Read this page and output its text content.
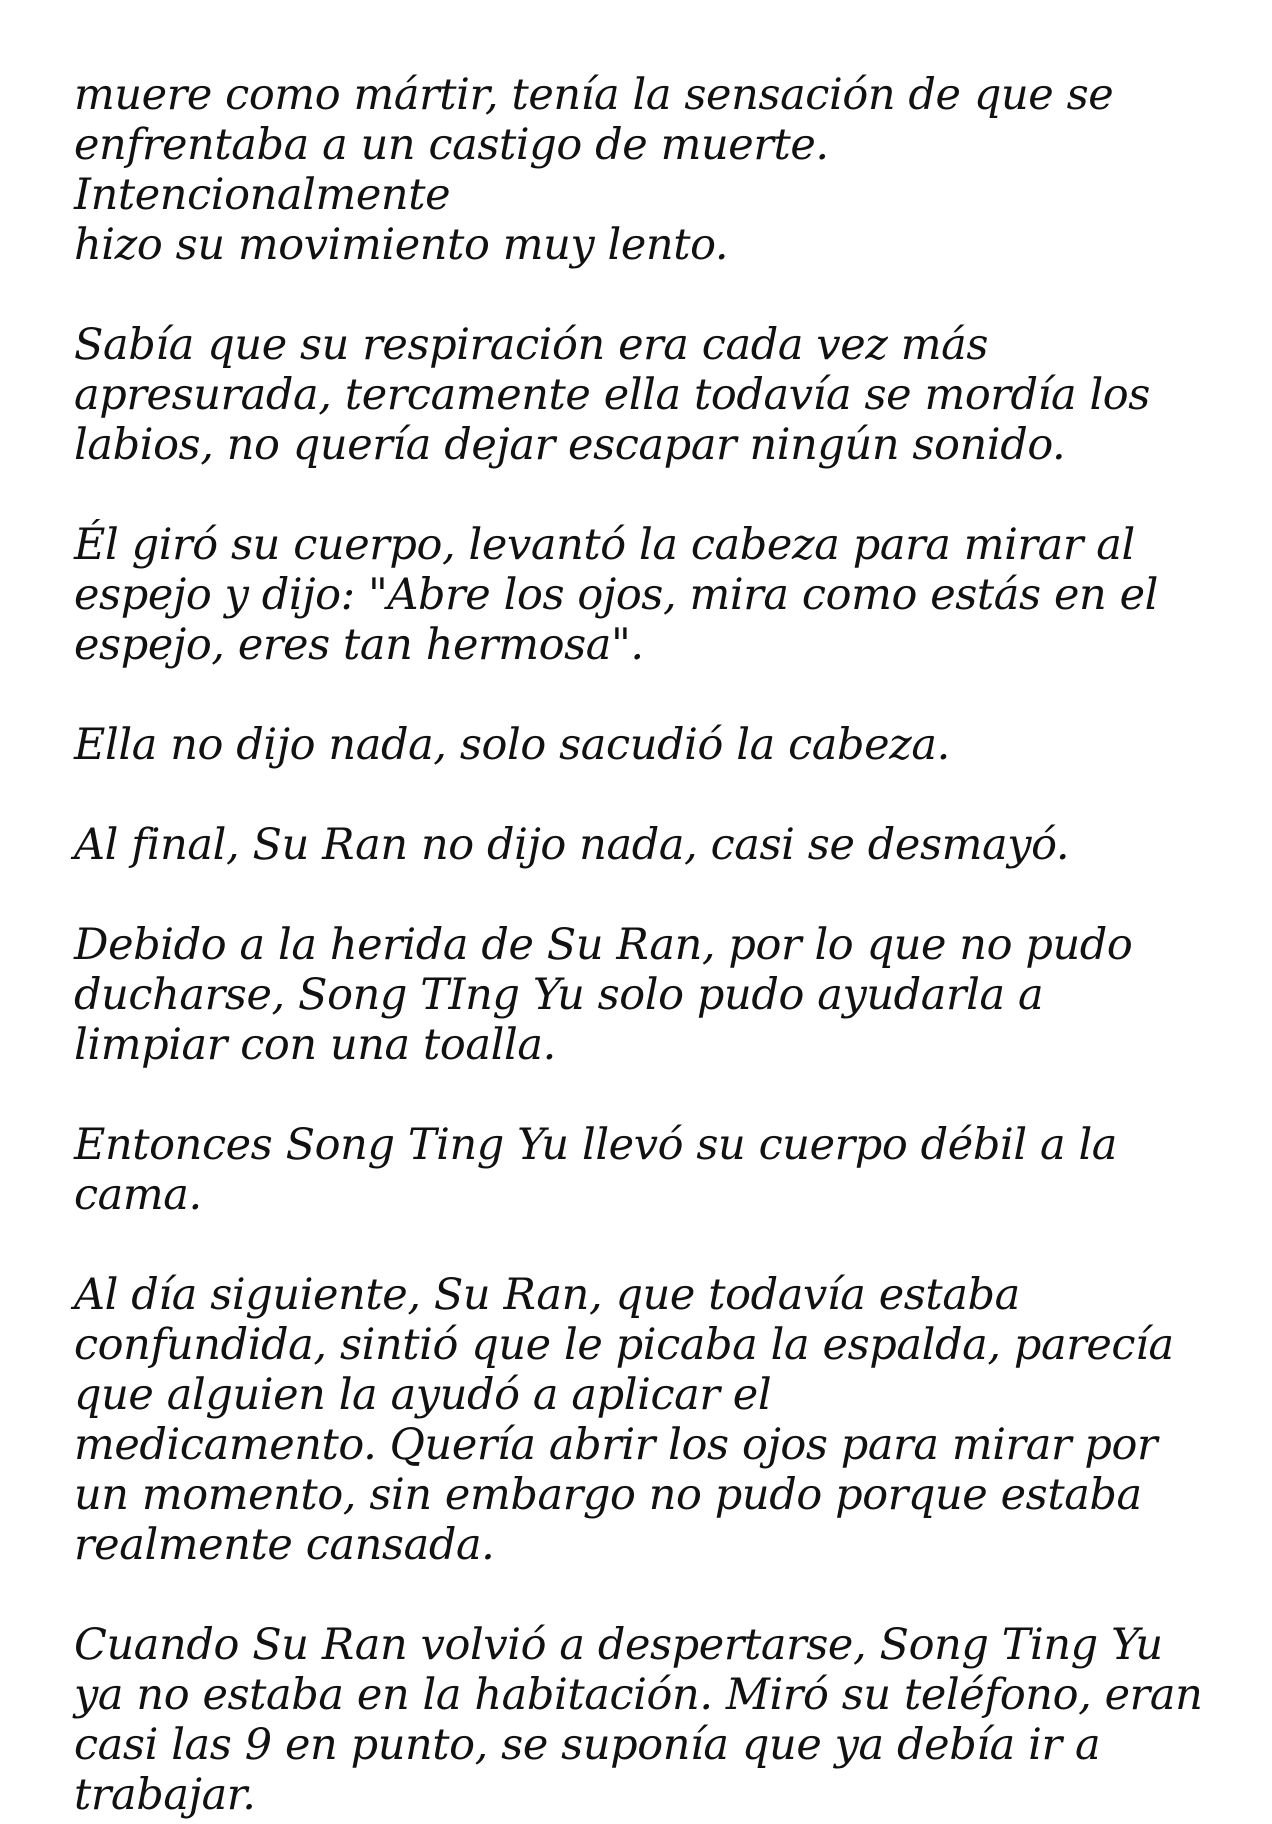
muere como mártir, tenía la sensación de que se
enfrentaba a un castigo de muerte. Intencionalmente
hizo su movimiento muy lento.

Sabía que su respiración era cada vez más
apresurada, tercamente ella todavía se mordía los
labios, no quería dejar escapar ningún sonido.

Él giró su cuerpo, levantó la cabeza para mirar al
espejo y dijo: "Abre los ojos, mira como estás en el
espejo, eres tan hermosa".

Ella no dijo nada, solo sacudió la cabeza.

Al final, Su Ran no dijo nada, casi se desmayó.

Debido a la herida de Su Ran, por lo que no pudo
ducharse, Song TIng Yu solo pudo ayudarla a
limpiar con una toalla.

Entonces Song Ting Yu llevó su cuerpo débil a la
cama.

Al día siguiente, Su Ran, que todavía estaba
confundida, sintió que le picaba la espalda, parecía
que alguien la ayudó a aplicar el
medicamento. Quería abrir los ojos para mirar por
un momento, sin embargo no pudo porque estaba
realmente cansada.

Cuando Su Ran volvió a despertarse, Song Ting Yu
ya no estaba en la habitación. Miró su teléfono, eran
casi las 9 en punto, se suponía que ya debía ir a
trabajar.
